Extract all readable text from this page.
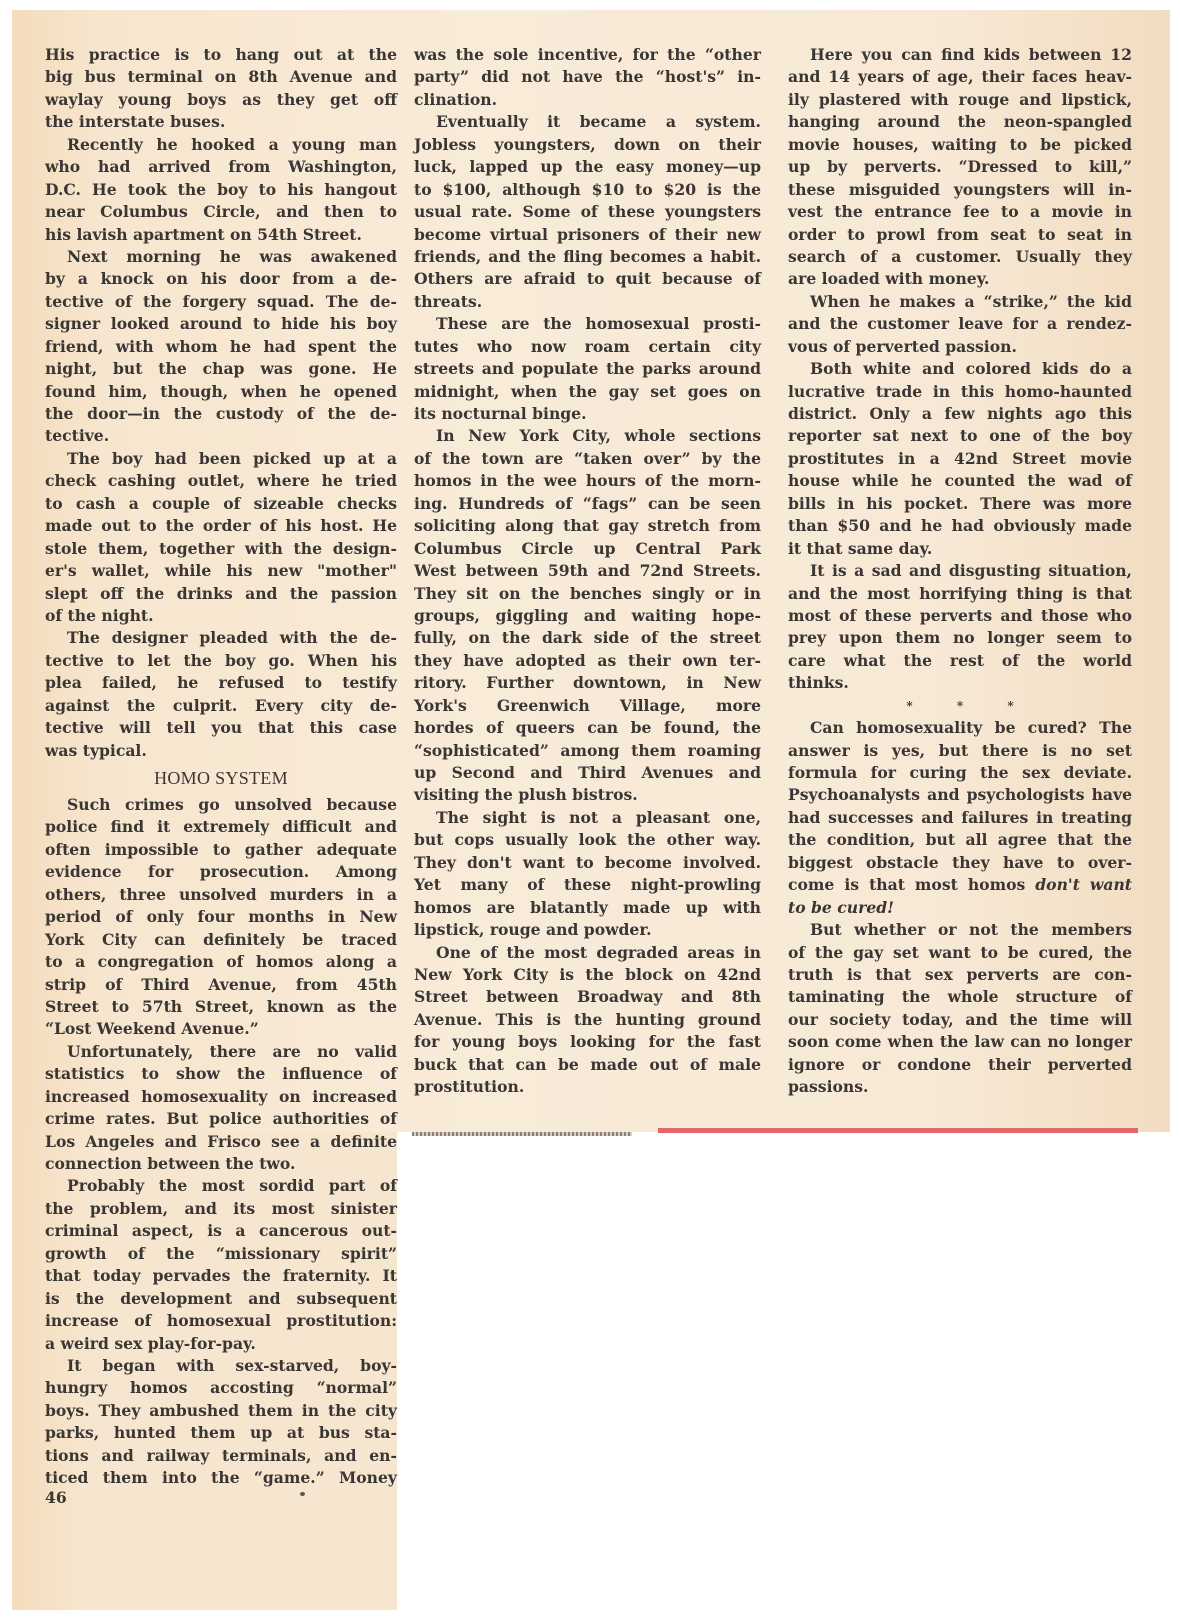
His practice is to hang out at the
big bus terminal on 8th Avenue and
waylay young boys as they get off
the interstate buses.
Recently he hooked a young man
who had arrived from Washington,
D.C. He took the boy to his hangout
near Columbus Circle, and then to
his lavish apartment on 54th Street.
Next morning he was awakened
by a knock on his door from a de-
tective of the forgery squad. The de-
signer looked around to hide his boy
friend, with whom he had spent the
night, but the chap was gone. He
found him, though, when he opened
the door—in the custody of the de-
tective.
The boy had been picked up at a
check cashing outlet, where he tried
to cash a couple of sizeable checks
made out to the order of his host. He
stole them, together with the design-
er's wallet, while his new "mother"
slept off the drinks and the passion
of the night.
The designer pleaded with the de-
tective to let the boy go. When his
plea failed, he refused to testify
against the culprit. Every city de-
tective will tell you that this case
was typical.
HOMO SYSTEM
Such crimes go unsolved because
police find it extremely difficult and
often impossible to gather adequate
evidence for prosecution. Among
others, three unsolved murders in a
period of only four months in New
York City can definitely be traced
to a congregation of homos along a
strip of Third Avenue, from 45th
Street to 57th Street, known as the
“Lost Weekend Avenue.”
Unfortunately, there are no valid
statistics to show the influence of
increased homosexuality on increased
crime rates. But police authorities of
Los Angeles and Frisco see a definite
connection between the two.
Probably the most sordid part of
the problem, and its most sinister
criminal aspect, is a cancerous out-
growth of the “missionary spirit”
that today pervades the fraternity. It
is the development and subsequent
increase of homosexual prostitution:
a weird sex play-for-pay.
It began with sex-starved, boy-
hungry homos accosting “normal”
boys. They ambushed them in the city
parks, hunted them up at bus sta-
tions and railway terminals, and en-
ticed them into the “game.” Money
was the sole incentive, for the “other
party” did not have the “host's” in-
clination.
Eventually it became a system.
Jobless youngsters, down on their
luck, lapped up the easy money—up
to $100, although $10 to $20 is the
usual rate. Some of these youngsters
become virtual prisoners of their new
friends, and the fling becomes a habit.
Others are afraid to quit because of
threats.
These are the homosexual prosti-
tutes who now roam certain city
streets and populate the parks around
midnight, when the gay set goes on
its nocturnal binge.
In New York City, whole sections
of the town are “taken over” by the
homos in the wee hours of the morn-
ing. Hundreds of “fags” can be seen
soliciting along that gay stretch from
Columbus Circle up Central Park
West between 59th and 72nd Streets.
They sit on the benches singly or in
groups, giggling and waiting hope-
fully, on the dark side of the street
they have adopted as their own ter-
ritory. Further downtown, in New
York's Greenwich Village, more
hordes of queers can be found, the
“sophisticated” among them roaming
up Second and Third Avenues and
visiting the plush bistros.
The sight is not a pleasant one,
but cops usually look the other way.
They don't want to become involved.
Yet many of these night-prowling
homos are blatantly made up with
lipstick, rouge and powder.
One of the most degraded areas in
New York City is the block on 42nd
Street between Broadway and 8th
Avenue. This is the hunting ground
for young boys looking for the fast
buck that can be made out of male
prostitution.
Here you can find kids between 12
and 14 years of age, their faces heav-
ily plastered with rouge and lipstick,
hanging around the neon-spangled
movie houses, waiting to be picked
up by perverts. “Dressed to kill,”
these misguided youngsters will in-
vest the entrance fee to a movie in
order to prowl from seat to seat in
search of a customer. Usually they
are loaded with money.
When he makes a “strike,” the kid
and the customer leave for a rendez-
vous of perverted passion.
Both white and colored kids do a
lucrative trade in this homo-haunted
district. Only a few nights ago this
reporter sat next to one of the boy
prostitutes in a 42nd Street movie
house while he counted the wad of
bills in his pocket. There was more
than $50 and he had obviously made
it that same day.
It is a sad and disgusting situation,
and the most horrifying thing is that
most of these perverts and those who
prey upon them no longer seem to
care what the rest of the world
thinks.
* * *
Can homosexuality be cured? The
answer is yes, but there is no set
formula for curing the sex deviate.
Psychoanalysts and psychologists have
had successes and failures in treating
the condition, but all agree that the
biggest obstacle they have to over-
come is that most homos don't want
to be cured!
But whether or not the members
of the gay set want to be cured, the
truth is that sex perverts are con-
taminating the whole structure of
our society today, and the time will
soon come when the law can no longer
ignore or condone their perverted
passions.
46
